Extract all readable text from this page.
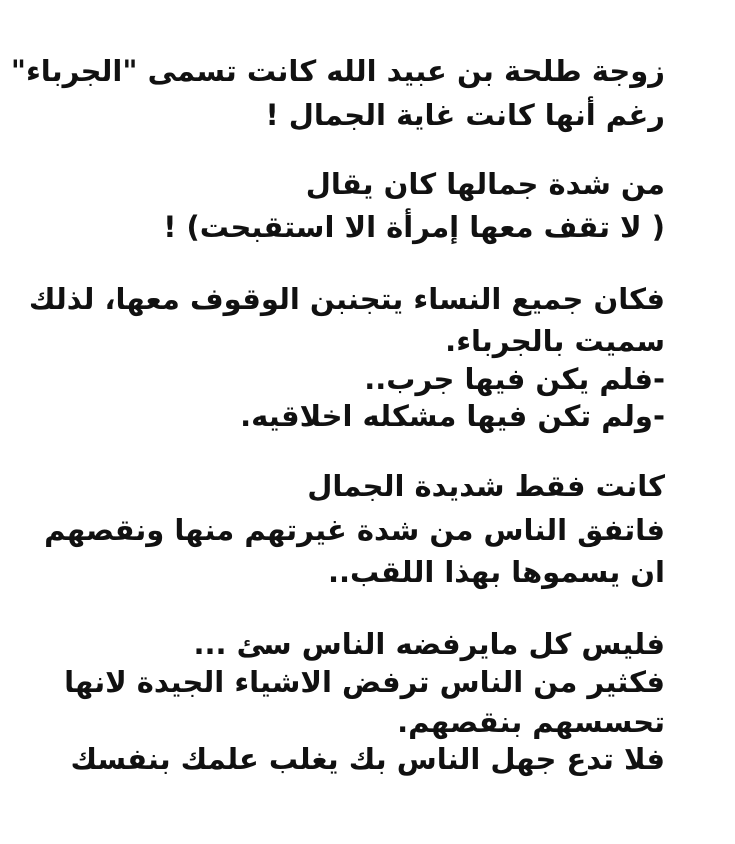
زوجة طلحة بن عبيد الله كانت تسمى "الجرباء"
رغم أنها كانت غاية الجمال !
من شدة جمالها كان يقال
( لا تقف معها إمرأة الا استقبحت) !
فكان جميع النساء يتجنبن الوقوف معها، لذلك
سميت بالجرباء.
-فلم يكن فيها جرب..
-ولم تكن فيها مشكله اخلاقيه.
كانت فقط شديدة الجمال
فاتفق الناس من شدة غيرتهم منها ونقصهم
ان يسموها بهذا اللقب..
فليس كل مايرفضه الناس سئ ...
فكثير من الناس ترفض الاشياء الجيدة لانها
تحسسهم بنقصهم.
فلا تدع جهل الناس بك يغلب علمك بنفسك
